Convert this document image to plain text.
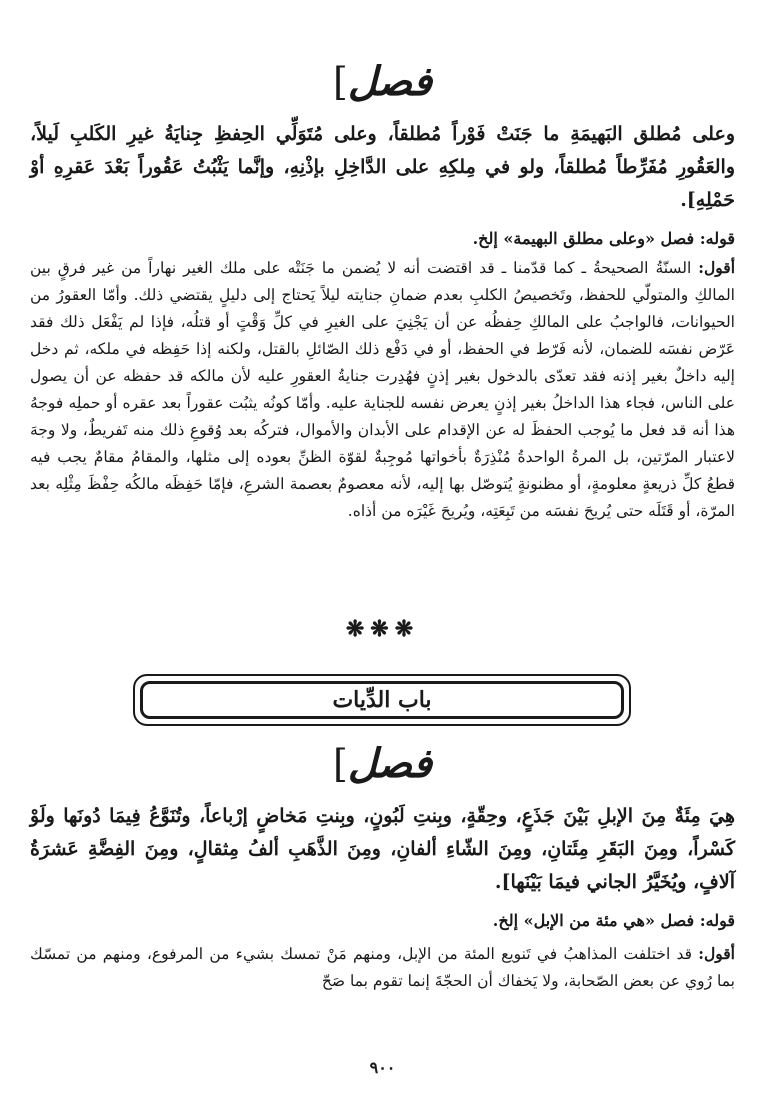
[فصل
وعلى مُطلق البَهيمَةِ ما جَنَتْ فَوْراً مُطلقاً، وعلى مُتَوَلِّي الحِفظِ جِنايَةُ غيرِ الكَلبِ لَيلاً، والعَقُورِ مُفَرِّطاً مُطلقاً، ولو في مِلكِهِ على الدَّاخِلِ بإذْنِهِ، وإنَّما يَثْبُتُ عَقُوراً بَعْدَ عَقرِهِ أوْ حَمْلِهِ].
قوله: فصل «وعلى مطلق البهيمة» إلخ.
أقول: السنّةُ الصحيحةُ ـ كما قدّمنا ـ قد اقتضت أنه لا يُضمن ما جَنَتْه على ملك الغير نهاراً من غير فرقٍ بين المالكِ والمتولّي للحفظ، وتَخصيصُ الكلبِ بعدم ضمانِ جنايته ليلاً يَحتاج إلى دليلٍ يقتضي ذلك. وأمّا العقورُ من الحيوانات، فالواجبُ على المالكِ حِفظُه عن أن يَجْنِيَ على الغيرِ في كلِّ وَقْتٍ أو قتلُه، فإذا لم يَفْعَل ذلك فقد عَرّض نفسَه للضمان، لأنه فَرّط في الحفظ، أو في دَفْع ذلك الصّائلِ بالقتل، ولكنه إذا حَفِظه في ملكه، ثم دخل إليه داخلٌ بغير إذنه فقد تعدّى بالدخول بغير إذنٍ فهُدِرت جنايةُ العقورِ عليه لأن مالكه قد حفظه عن أن يصول على الناس، فجاء هذا الداخلُ بغير إذنٍ يعرض نفسه للجناية عليه. وأمّا كونُه يثبُت عقوراً بعد عقره أو حملِه فوجهُ هذا أنه قد فعل ما يُوجب الحفظَ له عن الإقدام على الأبدان والأموال، فتركُه بعد وُقوعِ ذلك منه تَفريطٌ، ولا وجهَ لاعتبار المرّتين، بل المرةُ الواحدةُ مُنْذِرَةٌ بأخواتها مُوجِبةٌ لقوّة الظنِّ بعوده إلى مثلها، والمقامُ مقامٌ يجب فيه قطعُ كلِّ ذريعةٍ معلومةٍ، أو مظنونةٍ يُتوصّل بها إليه، لأنه معصومٌ بعصمة الشرعِ، فإمّا حَفِظَه مالكُه حِفْظَ مِثْلِه بعد المرّة، أو قَتَلَه حتى يُريحَ نفسَه من تَبِعَتِه، ويُريحَ غَيْرَه من أذاه.
❋❋❋
باب الدِّيات
[فصل
هِيَ مِئَةٌ مِنَ الإبلِ بَيْنَ جَذَعٍ، وحِقّةٍ، وبِنتِ لَبُونٍ، وبِنتِ مَخاضٍ إرْباعاً، وتُنَوَّعُ فِيمَا دُونَها ولَوْ كَسْراً، ومِنَ البَقَرِ مِئَتانِ، ومِنَ الشّاءِ ألفانِ، ومِنَ الذَّهَبِ ألفُ مِثقالٍ، ومِنَ الفِضَّةِ عَشرَةُ آلافٍ، ويُخَيَّرُ الجاني فيمَا بَيْنَها].
قوله: فصل «هي مئة من الإبل» إلخ.
أقول: قد اختلفت المذاهبُ في تَنويع المئة من الإبل، ومنهم مَنْ تمسك بشيء من المرفوع، ومنهم من تمسّك بما رُوي عن بعض الصّحابة، ولا يَخفاك أن الحجّةَ إنما تقوم بما صَحّ
٩٠٠
